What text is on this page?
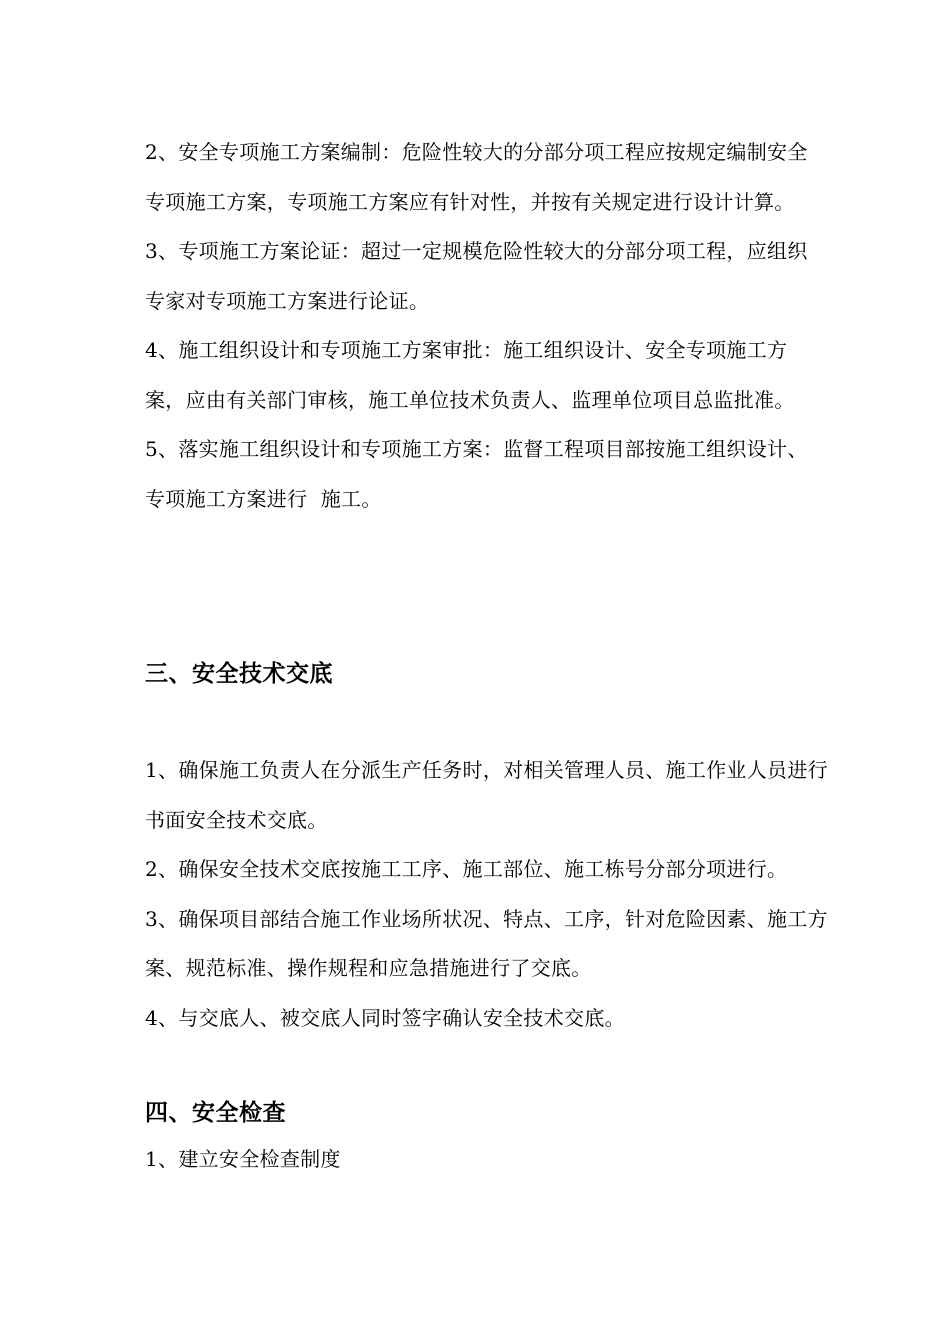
2、安全专项施工方案编制：危险性较大的分部分项工程应按规定编制安全专项施工方案，专项施工方案应有针对性，并按有关规定进行设计计算。

3、专项施工方案论证：超过一定规模危险性较大的分部分项工程，应组织专家对专项施工方案进行论证。

4、施工组织设计和专项施工方案审批：施工组织设计、安全专项施工方案，应由有关部门审核，施工单位技术负责人、监理单位项目总监批准。

5、落实施工组织设计和专项施工方案：监督工程项目部按施工组织设计、专项施工方案进行  施工。

三、安全技术交底

1、确保施工负责人在分派生产任务时，对相关管理人员、施工作业人员进行书面安全技术交底。

2、确保安全技术交底按施工工序、施工部位、施工栋号分部分项进行。

3、确保项目部结合施工作业场所状况、特点、工序，针对危险因素、施工方案、规范标准、操作规程和应急措施进行了交底。

4、与交底人、被交底人同时签字确认安全技术交底。

四、安全检查

1、建立安全检查制度
